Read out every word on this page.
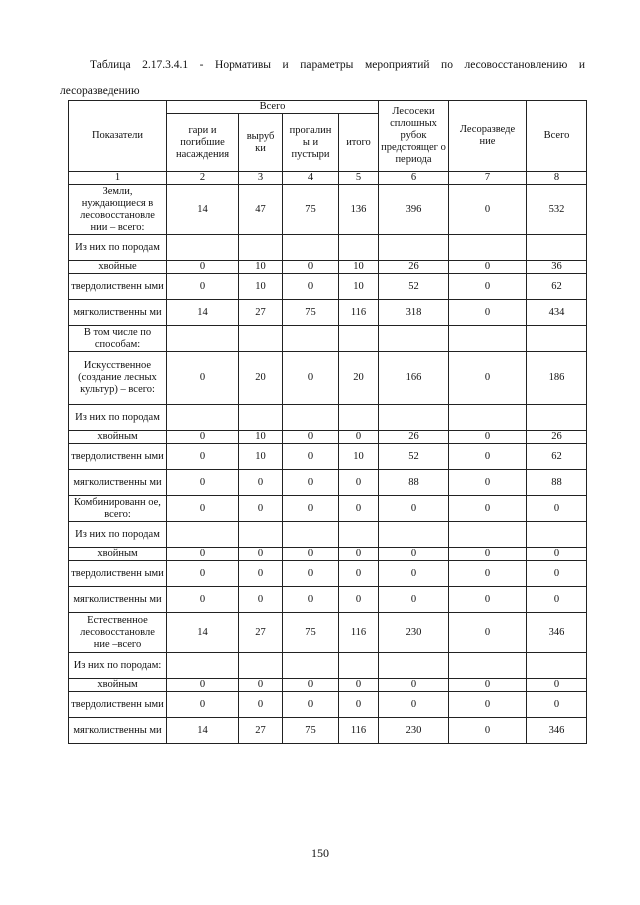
Таблица 2.17.3.4.1 - Нормативы и параметры мероприятий по лесовосстановлению и
лесоразведению
Показатели	Всего				Лесосеки сплошных рубок предстоящег о периода	Лесоразведе ние	Всего
	гари и погибшие насаждения	выруб ки	прогалин ы и пустыри	итого			
1	2	3	4	5	6	7	8
Земли, нуждающиеся в лесовосстановле нии – всего:	14	47	75	136	396	0	532
Из них по породам							
хвойные	0	10	0	10	26	0	36
твердолиственн ыми	0	10	0	10	52	0	62
мягколиственны ми	14	27	75	116	318	0	434
В том числе по способам:							
Искусственное (создание лесных культур) – всего:	0	20	0	20	166	0	186
Из них по породам							
хвойным	0	10	0	0	26	0	26
твердолиственн ыми	0	10	0	10	52	0	62
мягколиственны ми	0	0	0	0	88	0	88
Комбинированн ое, всего:	0	0	0	0	0	0	0
Из них по породам							
хвойным	0	0	0	0	0	0	0
твердолиственн ыми	0	0	0	0	0	0	0
мягколиственны ми	0	0	0	0	0	0	0
Естественное лесовосстановле ние –всего	14	27	75	116	230	0	346
Из них по породам:							
хвойным	0	0	0	0	0	0	0
твердолиственн ыми	0	0	0	0	0	0	0
мягколиственны ми	14	27	75	116	230	0	346
150
